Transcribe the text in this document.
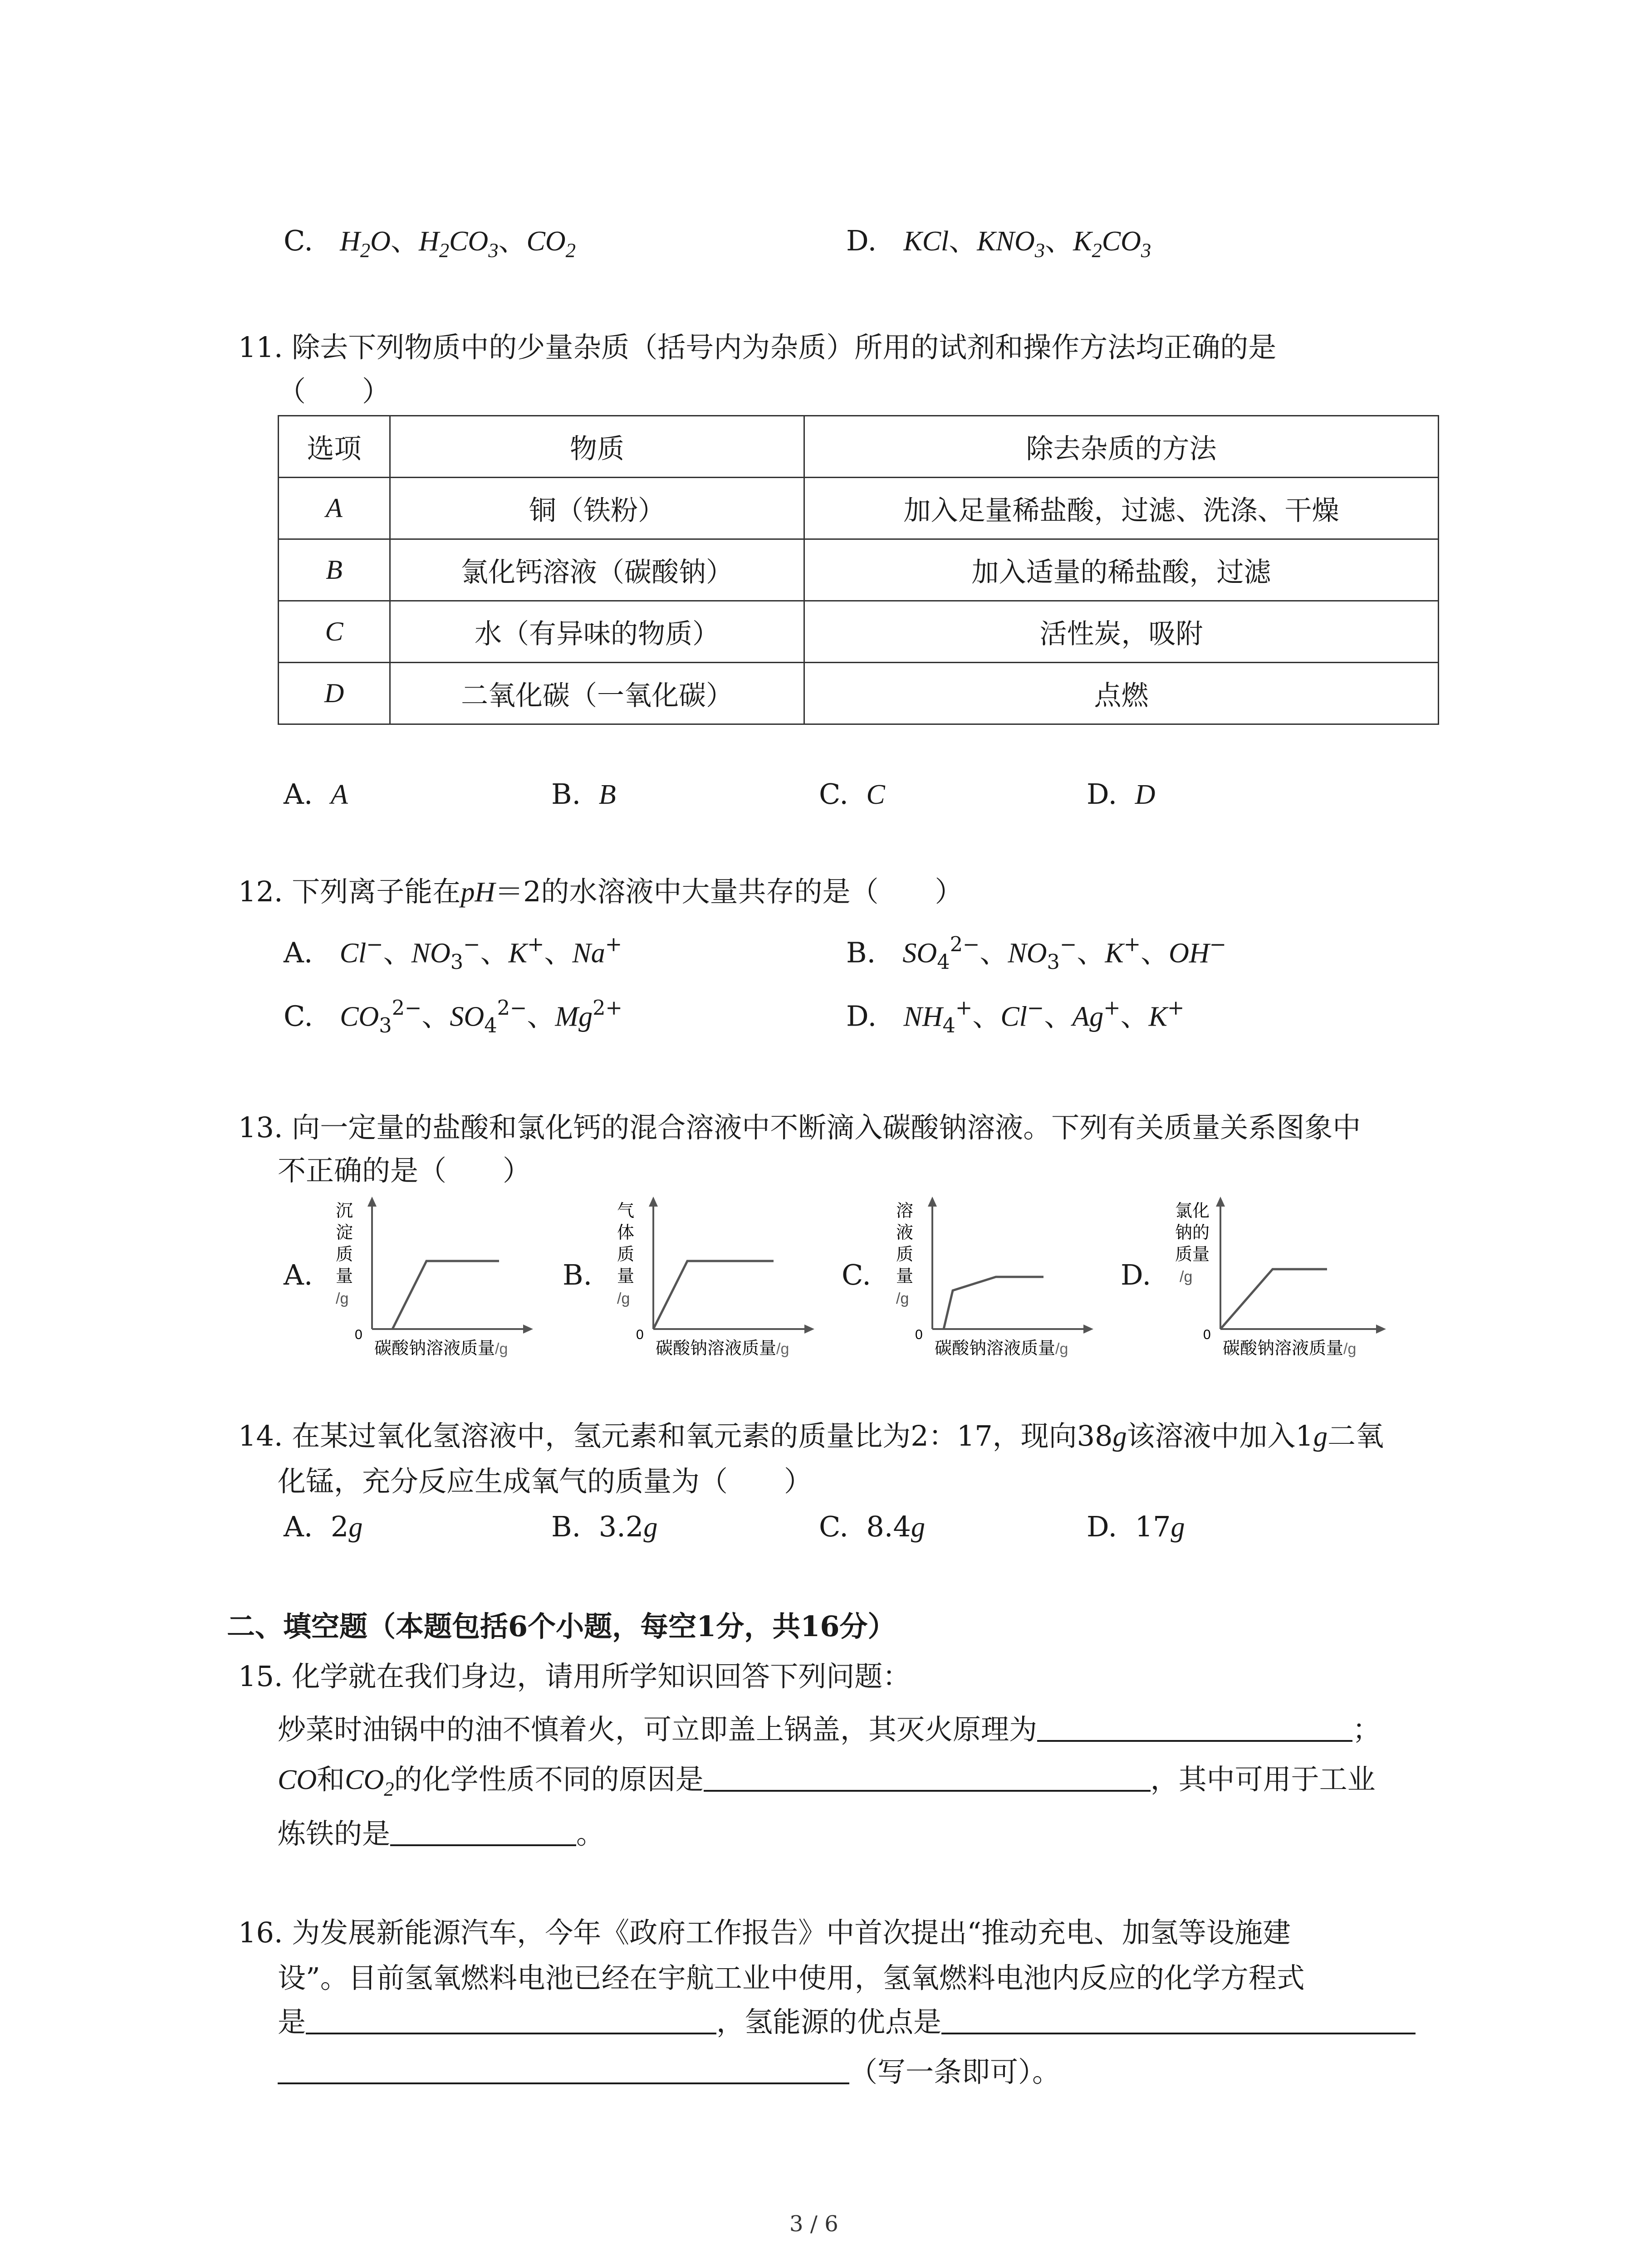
C. $H_2O$、$H_2CO_3$、$CO_2$	D. KCl、$KNO_3$、$K_2CO_3$
11. 除去下列物质中的少量杂质（括号内为杂质）所用的试剂和操作方法均正确的是
（　　）
选项	物质	除去杂质的方法
A	铜（铁粉）	加入足量稀盐酸，过滤、洗涤、干燥
B	氯化钙溶液（碳酸钠）	加入适量的稀盐酸，过滤
C	水（有异味的物质）	活性炭，吸附
D	二氧化碳（一氧化碳）	点燃
A. A	B. B	C. C	D. D
12. 下列离子能在pH＝2的水溶液中大量共存的是（　　）
A. Cl−、$NO_3^-$、K+、Na+	B. $SO_4^{2-}$、$NO_3^-$、K+、OH−
C. $CO_3^{2-}$、$SO_4^{2-}$、$Mg^{2+}$	D. $NH_4^+$、Cl−、Ag+、K+
13. 向一定量的盐酸和氯化钙的混合溶液中不断滴入碳酸钠溶液。下列有关质量关系图象中
不正确的是（　　）
A.
沉
淀
质
量
/g
0
碳酸钠溶液质量/g
B.
气
体
质
量
/g
0
碳酸钠溶液质量/g
C.
溶
液
质
量
/g
0
碳酸钠溶液质量/g
D.
氯化
钠的
质量
/g
0
碳酸钠溶液质量/g
14. 在某过氧化氢溶液中，氢元素和氧元素的质量比为2：17，现向38g该溶液中加入1g二氧
化锰，充分反应生成氧气的质量为（　　）
A. 2g	B. 3.2g	C. 8.4g	D. 17g
二、填空题（本题包括6个小题，每空1分，共16分）
15. 化学就在我们身边，请用所学知识回答下列问题：
炒菜时油锅中的油不慎着火，可立即盖上锅盖，其灭火原理为	；
CO和$CO_2$的化学性质不同的原因是	，其中可用于工业
炼铁的是	。
16. 为发展新能源汽车，今年《政府工作报告》中首次提出“推动充电、加氢等设施建
设”。目前氢氧燃料电池已经在宇航工业中使用，氢氧燃料电池内反应的化学方程式
是	，氢能源的优点是
（写一条即可）。
3 / 6
